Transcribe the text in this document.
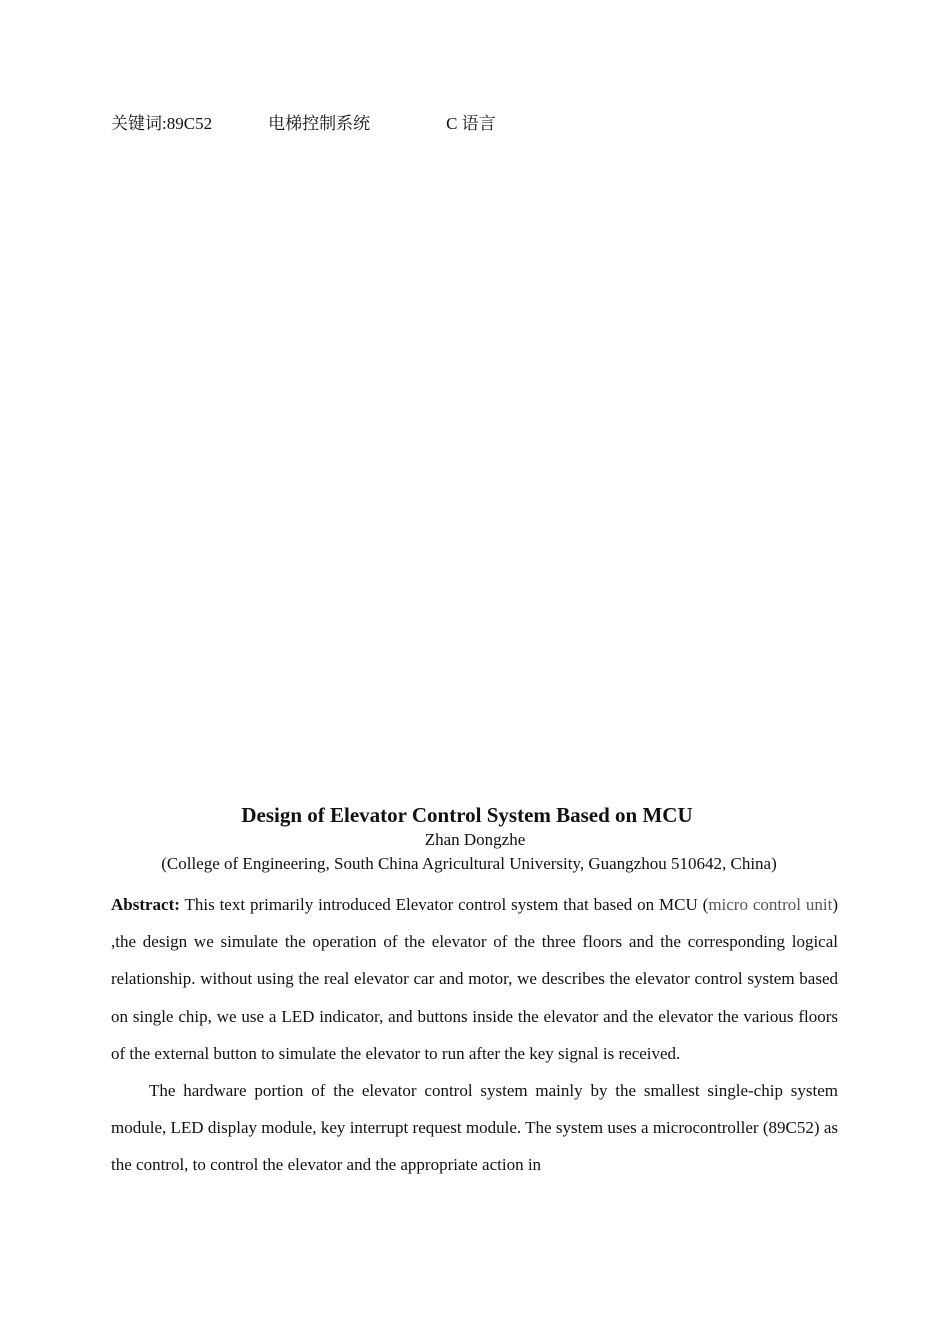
关键词:89C52	电梯控制系统	C 语言
Design of Elevator Control System Based on MCU
Zhan Dongzhe
(College of Engineering, South China Agricultural University, Guangzhou 510642, China)

Abstract: This text primarily introduced Elevator control system that based on MCU (micro control unit) ,the design we simulate the operation of the elevator of the three floors and the corresponding logical relationship. without using the real elevator car and motor, we describes the elevator control system based on single chip, we use a LED indicator, and buttons inside the elevator and the elevator the various floors of the external button to simulate the elevator to run after the key signal is received.

The hardware portion of the elevator control system mainly by the smallest single-chip system module, LED display module, key interrupt request module. The system uses a microcontroller (89C52) as the control, to control the elevator and the appropriate action in
